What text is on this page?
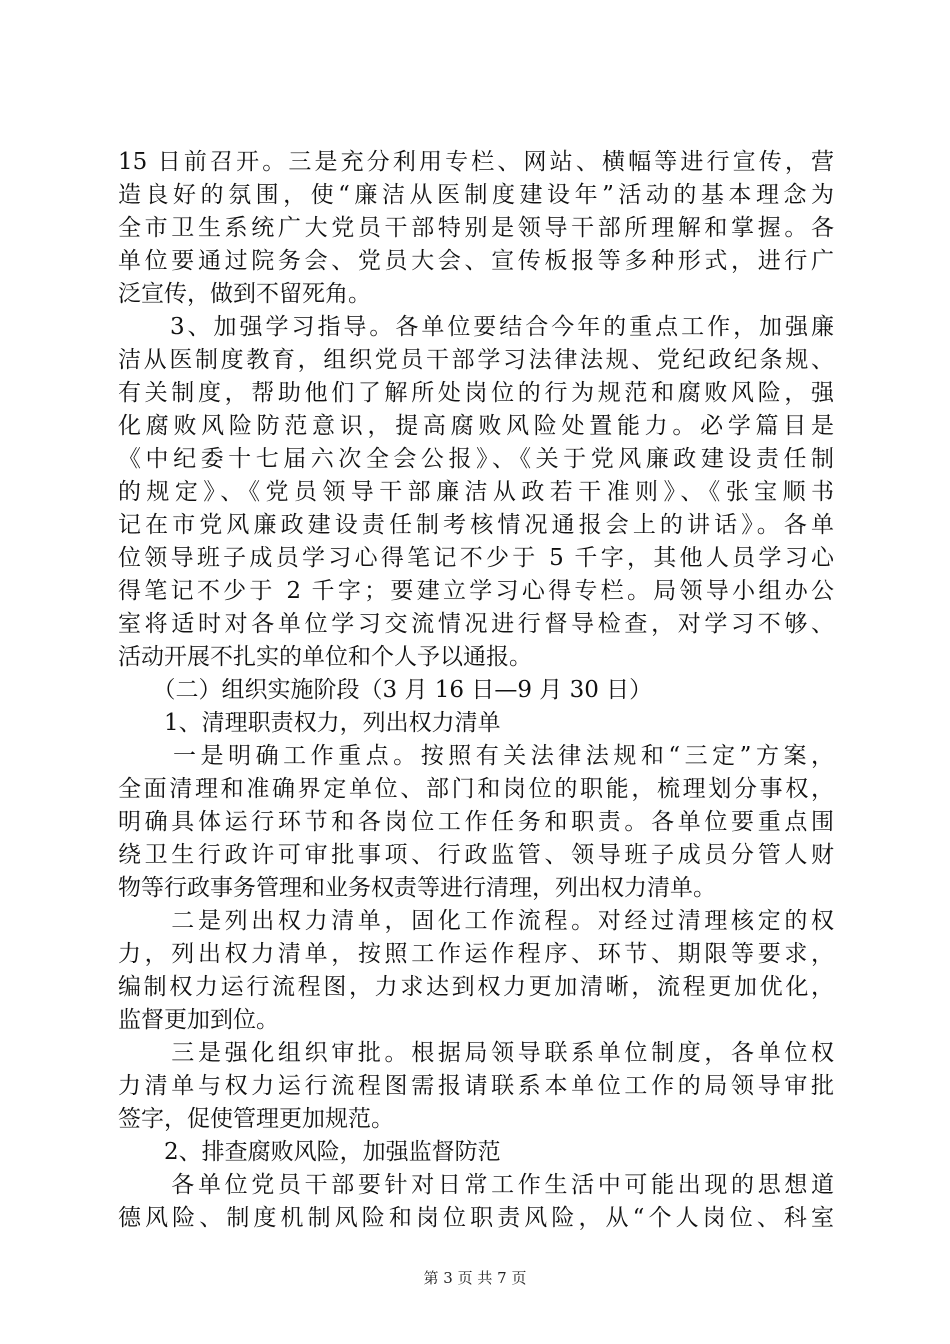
15 日前召开。三是充分利用专栏、网站、横幅等进行宣传，营
造良好的氛围，使“廉洁从医制度建设年”活动的基本理念为
全市卫生系统广大党员干部特别是领导干部所理解和掌握。各
单位要通过院务会、党员大会、宣传板报等多种形式，进行广
泛宣传，做到不留死角。
　　3、加强学习指导。各单位要结合今年的重点工作，加强廉
洁从医制度教育，组织党员干部学习法律法规、党纪政纪条规、
有关制度，帮助他们了解所处岗位的行为规范和腐败风险，强
化腐败风险防范意识，提高腐败风险处置能力。必学篇目是
《中纪委十七届六次全会公报》、《关于党风廉政建设责任制
的规定》、《党员领导干部廉洁从政若干准则》、《张宝顺书
记在市党风廉政建设责任制考核情况通报会上的讲话》。各单
位领导班子成员学习心得笔记不少于 5 千字，其他人员学习心
得笔记不少于 2 千字；要建立学习心得专栏。局领导小组办公
室将适时对各单位学习交流情况进行督导检查，对学习不够、
活动开展不扎实的单位和个人予以通报。
　　（二）组织实施阶段（3 月 16 日—9 月 30 日）
　　1、清理职责权力，列出权力清单
　　一是明确工作重点。按照有关法律法规和“三定”方案，
全面清理和准确界定单位、部门和岗位的职能，梳理划分事权，
明确具体运行环节和各岗位工作任务和职责。各单位要重点围
绕卫生行政许可审批事项、行政监管、领导班子成员分管人财
物等行政事务管理和业务权责等进行清理，列出权力清单。
　　二是列出权力清单，固化工作流程。对经过清理核定的权
力，列出权力清单，按照工作运作程序、环节、期限等要求，
编制权力运行流程图，力求达到权力更加清晰，流程更加优化，
监督更加到位。
　　三是强化组织审批。根据局领导联系单位制度，各单位权
力清单与权力运行流程图需报请联系本单位工作的局领导审批
签字，促使管理更加规范。
　　2、排查腐败风险，加强监督防范
　　各单位党员干部要针对日常工作生活中可能出现的思想道
德风险、制度机制风险和岗位职责风险，从“个人岗位、科室
第 3 页 共 7 页
